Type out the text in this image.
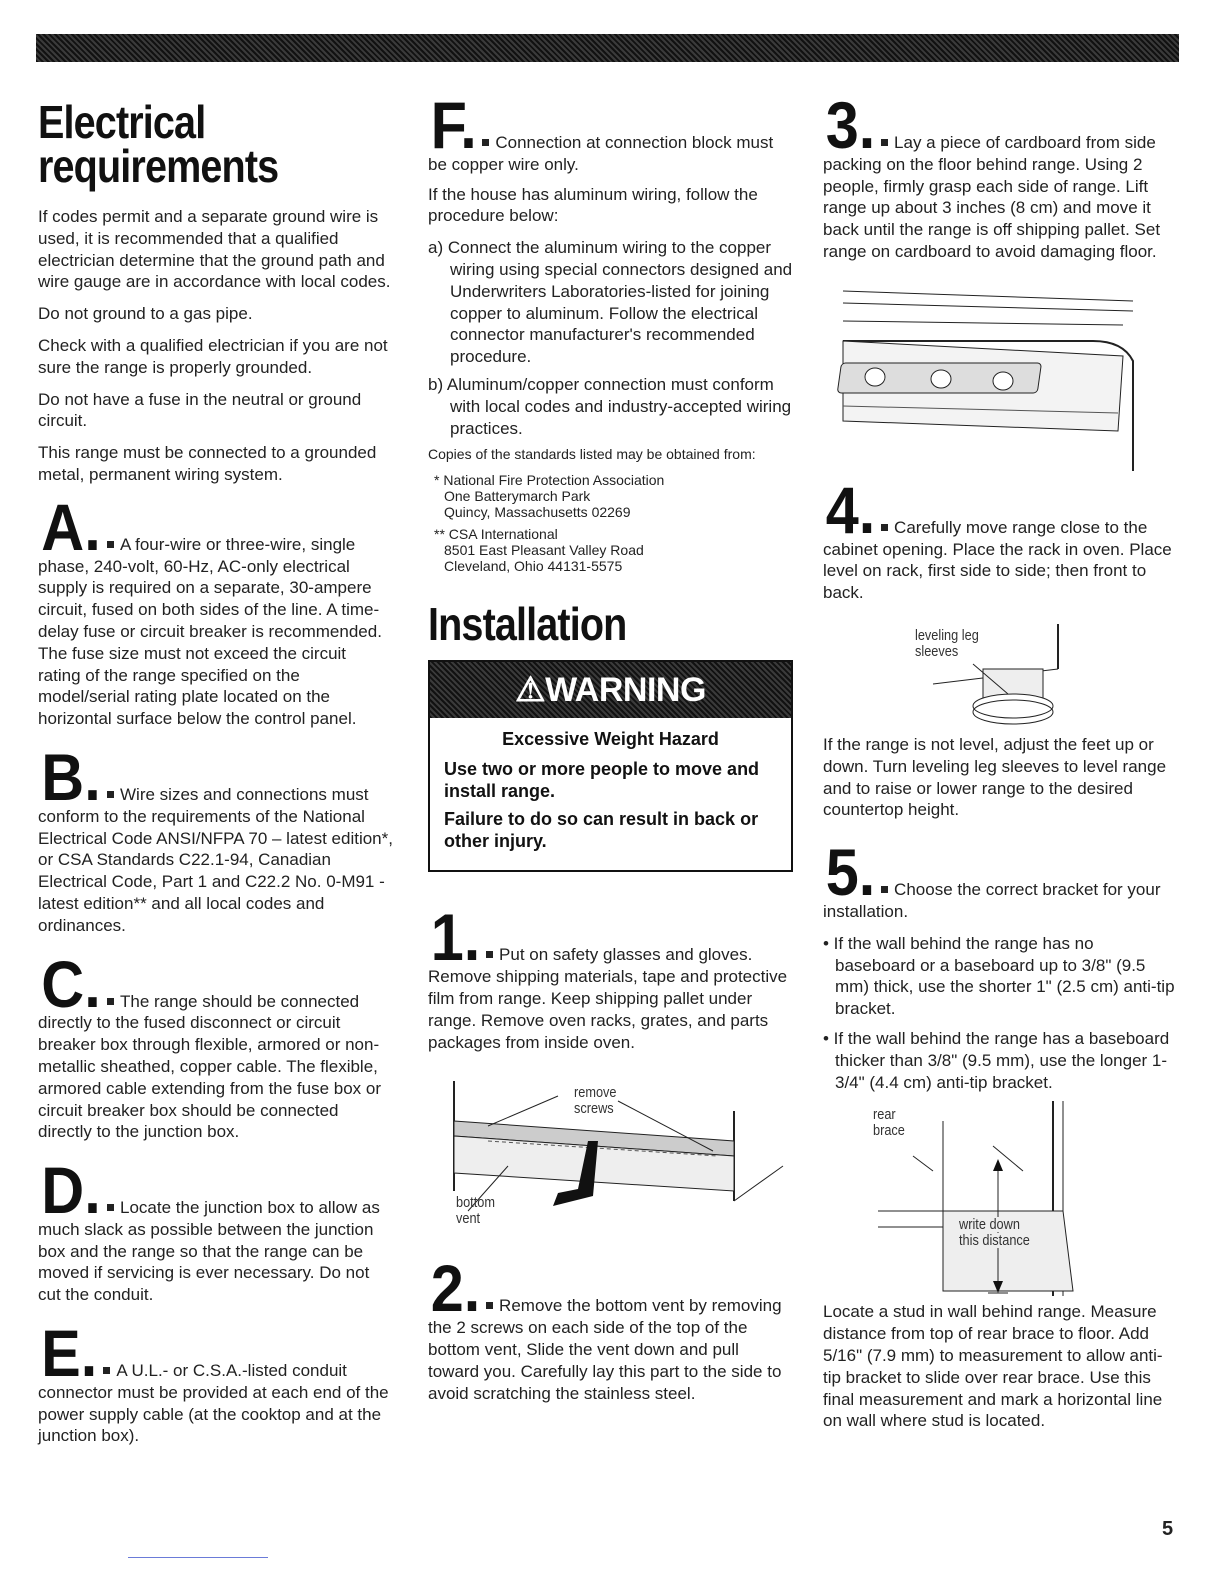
Electrical
requirements

If codes permit and a separate ground wire is used, it is recommended that a qualified electrician determine that the ground path and wire gauge are in accordance with local codes.

Do not ground to a gas pipe.

Check with a qualified electrician if you are not sure the range is properly grounded.

Do not have a fuse in the neutral or ground circuit.

This range must be connected to a grounded metal, permanent wiring system.

A. A four-wire or three-wire, single phase, 240-volt, 60-Hz, AC-only electrical supply is required on a separate, 30-ampere circuit, fused on both sides of the line. A time-delay fuse or circuit breaker is recommended. The fuse size must not exceed the circuit rating of the range specified on the model/serial rating plate located on the horizontal surface below the control panel.

B. Wire sizes and connections must conform to the requirements of the National Electrical Code ANSI/NFPA 70 – latest edition*, or CSA Standards C22.1-94, Canadian Electrical Code, Part 1 and C22.2 No. 0-M91 - latest edition** and all local codes and ordinances.

C. The range should be connected directly to the fused disconnect or circuit breaker box through flexible, armored or non-metallic sheathed, copper cable. The flexible, armored cable extending from the fuse box or circuit breaker box should be connected directly to the junction box.

D. Locate the junction box to allow as much slack as possible between the junction box and the range so that the range can be moved if servicing is ever necessary. Do not cut the conduit.

E. A U.L.- or C.S.A.-listed conduit connector must be provided at each end of the power supply cable (at the cooktop and at the junction box).

F. Connection at connection block must be copper wire only.

If the house has aluminum wiring, follow the procedure below:

a) Connect the aluminum wiring to the copper wiring using special connectors designed and Underwriters Laboratories-listed for joining copper to aluminum. Follow the electrical connector manufacturer's recommended procedure.
b) Aluminum/copper connection must conform with local codes and industry-accepted wiring practices.

Copies of the standards listed may be obtained from:

* National Fire Protection Association
One Batterymarch Park
Quincy, Massachusetts 02269
** CSA International
8501 East Pleasant Valley Road
Cleveland, Ohio 44131-5575
Installation
⚠WARNING
Excessive Weight Hazard
Use two or more people to move and install range.
Failure to do so can result in back or other injury.

1. Put on safety glasses and gloves. Remove shipping materials, tape and protective film from range. Keep shipping pallet under range. Remove oven racks, grates, and parts packages from inside oven.

remove
screws
bottom
vent

2. Remove the bottom vent by removing the 2 screws on each side of the top of the bottom vent, Slide the vent down and pull toward you. Carefully lay this part to the side to avoid scratching the stainless steel.

3. Lay a piece of cardboard from side packing on the floor behind range. Using 2 people, firmly grasp each side of range. Lift range up about 3 inches (8 cm) and move it back until the range is off shipping pallet. Set range on cardboard to avoid damaging floor.

4. Carefully move range close to the cabinet opening. Place the rack in oven. Place level on rack, first side to side; then front to back.

leveling leg
sleeves

If the range is not level, adjust the feet up or down. Turn leveling leg sleeves to level range and to raise or lower range to the desired countertop height.

5. Choose the correct bracket for your installation.

• If the wall behind the range has no baseboard or a baseboard up to 3/8" (9.5 mm) thick, use the shorter 1" (2.5 cm) anti-tip bracket.
• If the wall behind the range has a baseboard thicker than 3/8" (9.5 mm), use the longer 1-3/4" (4.4 cm) anti-tip bracket.
rear
brace
write down
this distance

Locate a stud in wall behind range. Measure distance from top of rear brace to floor. Add 5/16" (7.9 mm) to measurement to allow anti-tip bracket to slide over rear brace. Use this final measurement and mark a horizontal line on wall where stud is located.

5
